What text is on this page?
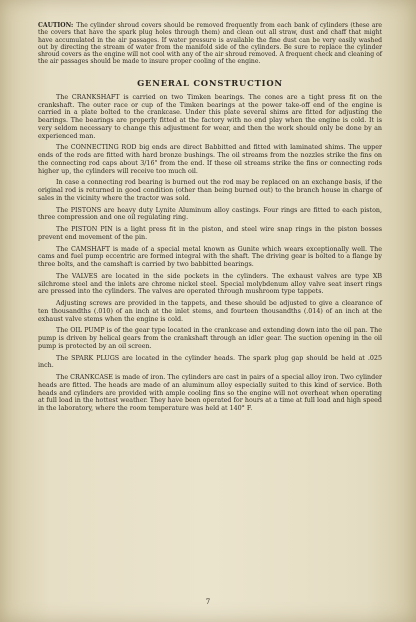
CAUTION: The cylinder shroud covers should be removed frequently from each bank of cylinders (these are the covers that have the spark plug holes through them) and clean out all straw, dust and chaff that might have accumulated in the air passages. If water pressure is available the fine dust can be very easily washed out by directing the stream of water from the manifold side of the cylinders. Be sure to replace the cylinder shroud covers as the engine will not cool with any of the air shroud removed. A frequent check and cleaning of the air passages should be made to insure proper cooling of the engine.

GENERAL CONSTRUCTION

The CRANKSHAFT is carried on two Timken bearings. The cones are a tight press fit on the crankshaft. The outer race or cup of the Timken bearings at the power take-off end of the engine is carried in a plate bolted to the crankcase. Under this plate several shims are fitted for adjusting the bearings. The bearings are properly fitted at the factory with no end play when the engine is cold. It is very seldom necessary to change this adjustment for wear, and then the work should only be done by an experienced man.

The CONNECTING ROD big ends are direct Babbitted and fitted with laminated shims. The upper ends of the rods are fitted with hard bronze bushings. The oil streams from the nozzles strike the fins on the connecting rod caps about 3/16" from the end. If these oil streams strike the fins or connecting rods higher up, the cylinders will receive too much oil.

In case a connecting rod bearing is burned out the rod may be replaced on an exchange basis, if the original rod is returned in good condition (other than being burned out) to the branch house in charge of sales in the vicinity where the tractor was sold.

The PISTONS are heavy duty Lynite Aluminum alloy castings. Four rings are fitted to each piston, three compression and one oil regulating ring.

The PISTON PIN is a light press fit in the piston, and steel wire snap rings in the piston bosses prevent end movement of the pin.

The CAMSHAFT is made of a special metal known as Gunite which wears exceptionally well. The cams and fuel pump eccentric are formed integral with the shaft. The driving gear is bolted to a flange by three bolts, and the camshaft is carried by two babbitted bearings.

The VALVES are located in the side pockets in the cylinders. The exhaust valves are type XB silchrome steel and the inlets are chrome nickel steel. Special molybdenum alloy valve seat insert rings are pressed into the cylinders. The valves are operated through mushroom type tappets.

Adjusting screws are provided in the tappets, and these should be adjusted to give a clearance of ten thousandths (.010) of an inch at the inlet stems, and fourteen thousandths (.014) of an inch at the exhaust valve stems when the engine is cold.

The OIL PUMP is of the gear type located in the crankcase and extending down into the oil pan. The pump is driven by helical gears from the crankshaft through an idler gear. The suction opening in the oil pump is protected by an oil screen.

The SPARK PLUGS are located in the cylinder heads. The spark plug gap should be held at .025 inch.

The CRANKCASE is made of iron. The cylinders are cast in pairs of a special alloy iron. Two cylinder heads are fitted. The heads are made of an aluminum alloy especially suited to this kind of service. Both heads and cylinders are provided with ample cooling fins so the engine will not overheat when operating at full load in the hottest weather. They have been operated for hours at a time at full load and high speed in the laboratory, where the room temperature was held at 140° F.

7
